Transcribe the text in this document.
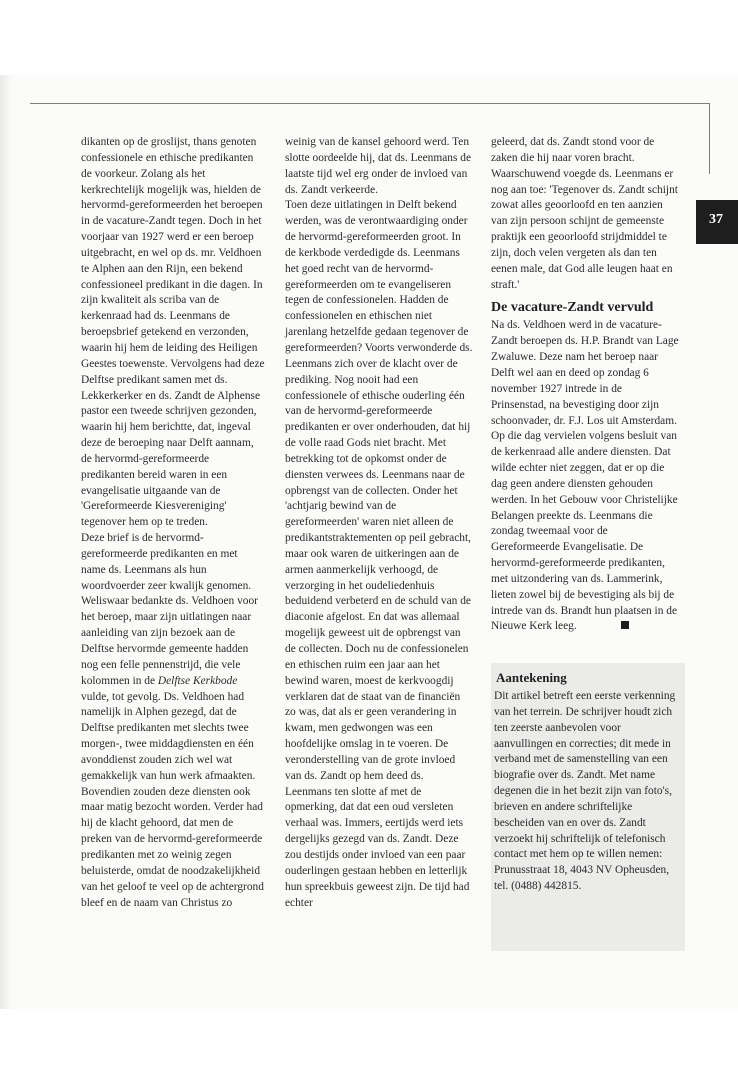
37

dikanten op de groslijst, thans genoten confessionele en ethische predikanten de voorkeur. Zolang als het kerkrechtelijk mogelijk was, hielden de hervormd-gereformeerden het beroepen in de vacature-Zandt tegen. Doch in het voorjaar van 1927 werd er een beroep uitgebracht, en wel op ds. mr. Veldhoen te Alphen aan den Rijn, een bekend confessioneel predikant in die dagen. In zijn kwaliteit als scriba van de kerkenraad had ds. Leenmans de beroepsbrief getekend en verzonden, waarin hij hem de leiding des Heiligen Geestes toewenste. Vervolgens had deze Delftse predikant samen met ds. Lekkerkerker en ds. Zandt de Alphense pastor een tweede schrijven gezonden, waarin hij hem berichtte, dat, ingeval deze de beroeping naar Delft aannam, de hervormd-gereformeerde predikanten bereid waren in een evangelisatie uitgaande van de 'Gereformeerde Kiesvereniging' tegenover hem op te treden.

Deze brief is de hervormd-gereformeerde predikanten en met name ds. Leenmans als hun woordvoerder zeer kwalijk genomen. Weliswaar bedankte ds. Veldhoen voor het beroep, maar zijn uitlatingen naar aanleiding van zijn bezoek aan de Delftse hervormde gemeente hadden nog een felle pennenstrijd, die vele kolommen in de Delftse Kerkbode vulde, tot gevolg. Ds. Veldhoen had namelijk in Alphen gezegd, dat de Delftse predikanten met slechts twee morgen-, twee middagdiensten en één avonddienst zouden zich wel wat gemakkelijk van hun werk afmaakten. Bovendien zouden deze diensten ook maar matig bezocht worden. Verder had hij de klacht gehoord, dat men de preken van de hervormd-gereformeerde predikanten met zo weinig zegen beluisterde, omdat de noodzakelijkheid van het geloof te veel op de achtergrond bleef en de naam van Christus zo

weinig van de kansel gehoord werd. Ten slotte oordeelde hij, dat ds. Leenmans de laatste tijd wel erg onder de invloed van ds. Zandt verkeerde.

Toen deze uitlatingen in Delft bekend werden, was de verontwaardiging onder de hervormd-gereformeerden groot. In de kerkbode verdedigde ds. Leenmans het goed recht van de hervormd-gereformeerden om te evangeliseren tegen de confessionelen. Hadden de confessionelen en ethischen niet jarenlang hetzelfde gedaan tegenover de gereformeerden? Voorts verwonderde ds. Leenmans zich over de klacht over de prediking. Nog nooit had een confessionele of ethische ouderling één van de hervormd-gereformeerde predikanten er over onderhouden, dat hij de volle raad Gods niet bracht. Met betrekking tot de opkomst onder de diensten verwees ds. Leenmans naar de opbrengst van de collecten. Onder het 'achtjarig bewind van de gereformeerden' waren niet alleen de predikantstraktementen op peil gebracht, maar ook waren de uitkeringen aan de armen aanmerkelijk verhoogd, de verzorging in het oudeliedenhuis beduidend verbeterd en de schuld van de diaconie afgelost. En dat was allemaal mogelijk geweest uit de opbrengst van de collecten. Doch nu de confessionelen en ethischen ruim een jaar aan het bewind waren, moest de kerkvoogdij verklaren dat de staat van de financiën zo was, dat als er geen verandering in kwam, men gedwongen was een hoofdelijke omslag in te voeren. De veronderstelling van de grote invloed van ds. Zandt op hem deed ds. Leenmans ten slotte af met de opmerking, dat dat een oud versleten verhaal was. Immers, eertijds werd iets dergelijks gezegd van ds. Zandt. Deze zou destijds onder invloed van een paar ouderlingen gestaan hebben en letterlijk hun spreekbuis geweest zijn. De tijd had echter

geleerd, dat ds. Zandt stond voor de zaken die hij naar voren bracht. Waarschuwend voegde ds. Leenmans er nog aan toe: 'Tegenover ds. Zandt schijnt zowat alles geoorloofd en ten aanzien van zijn persoon schijnt de gemeenste praktijk een geoorloofd strijdmiddel te zijn, doch velen vergeten als dan ten eenen male, dat God alle leugen haat en straft.'

De vacature-Zandt vervuld

Na ds. Veldhoen werd in de vacature-Zandt beroepen ds. H.P. Brandt van Lage Zwaluwe. Deze nam het beroep naar Delft wel aan en deed op zondag 6 november 1927 intrede in de Prinsenstad, na bevestiging door zijn schoonvader, dr. F.J. Los uit Amsterdam. Op die dag vervielen volgens besluit van de kerkenraad alle andere diensten. Dat wilde echter niet zeggen, dat er op die dag geen andere diensten gehouden werden. In het Gebouw voor Christelijke Belangen preekte ds. Leenmans die zondag tweemaal voor de Gereformeerde Evangelisatie. De hervormd-gereformeerde predikanten, met uitzondering van ds. Lammerink, lieten zowel bij de bevestiging als bij de intrede van ds. Brandt hun plaatsen in de Nieuwe Kerk leeg.

Aantekening
Dit artikel betreft een eerste verkenning van het terrein. De schrijver houdt zich ten zeerste aanbevolen voor aanvullingen en correcties; dit mede in verband met de samenstelling van een biografie over ds. Zandt. Met name degenen die in het bezit zijn van foto's, brieven en andere schriftelijke bescheiden van en over ds. Zandt verzoekt hij schriftelijk of telefonisch contact met hem op te willen nemen: Prunusstraat 18, 4043 NV Opheusden, tel. (0488) 442815.
